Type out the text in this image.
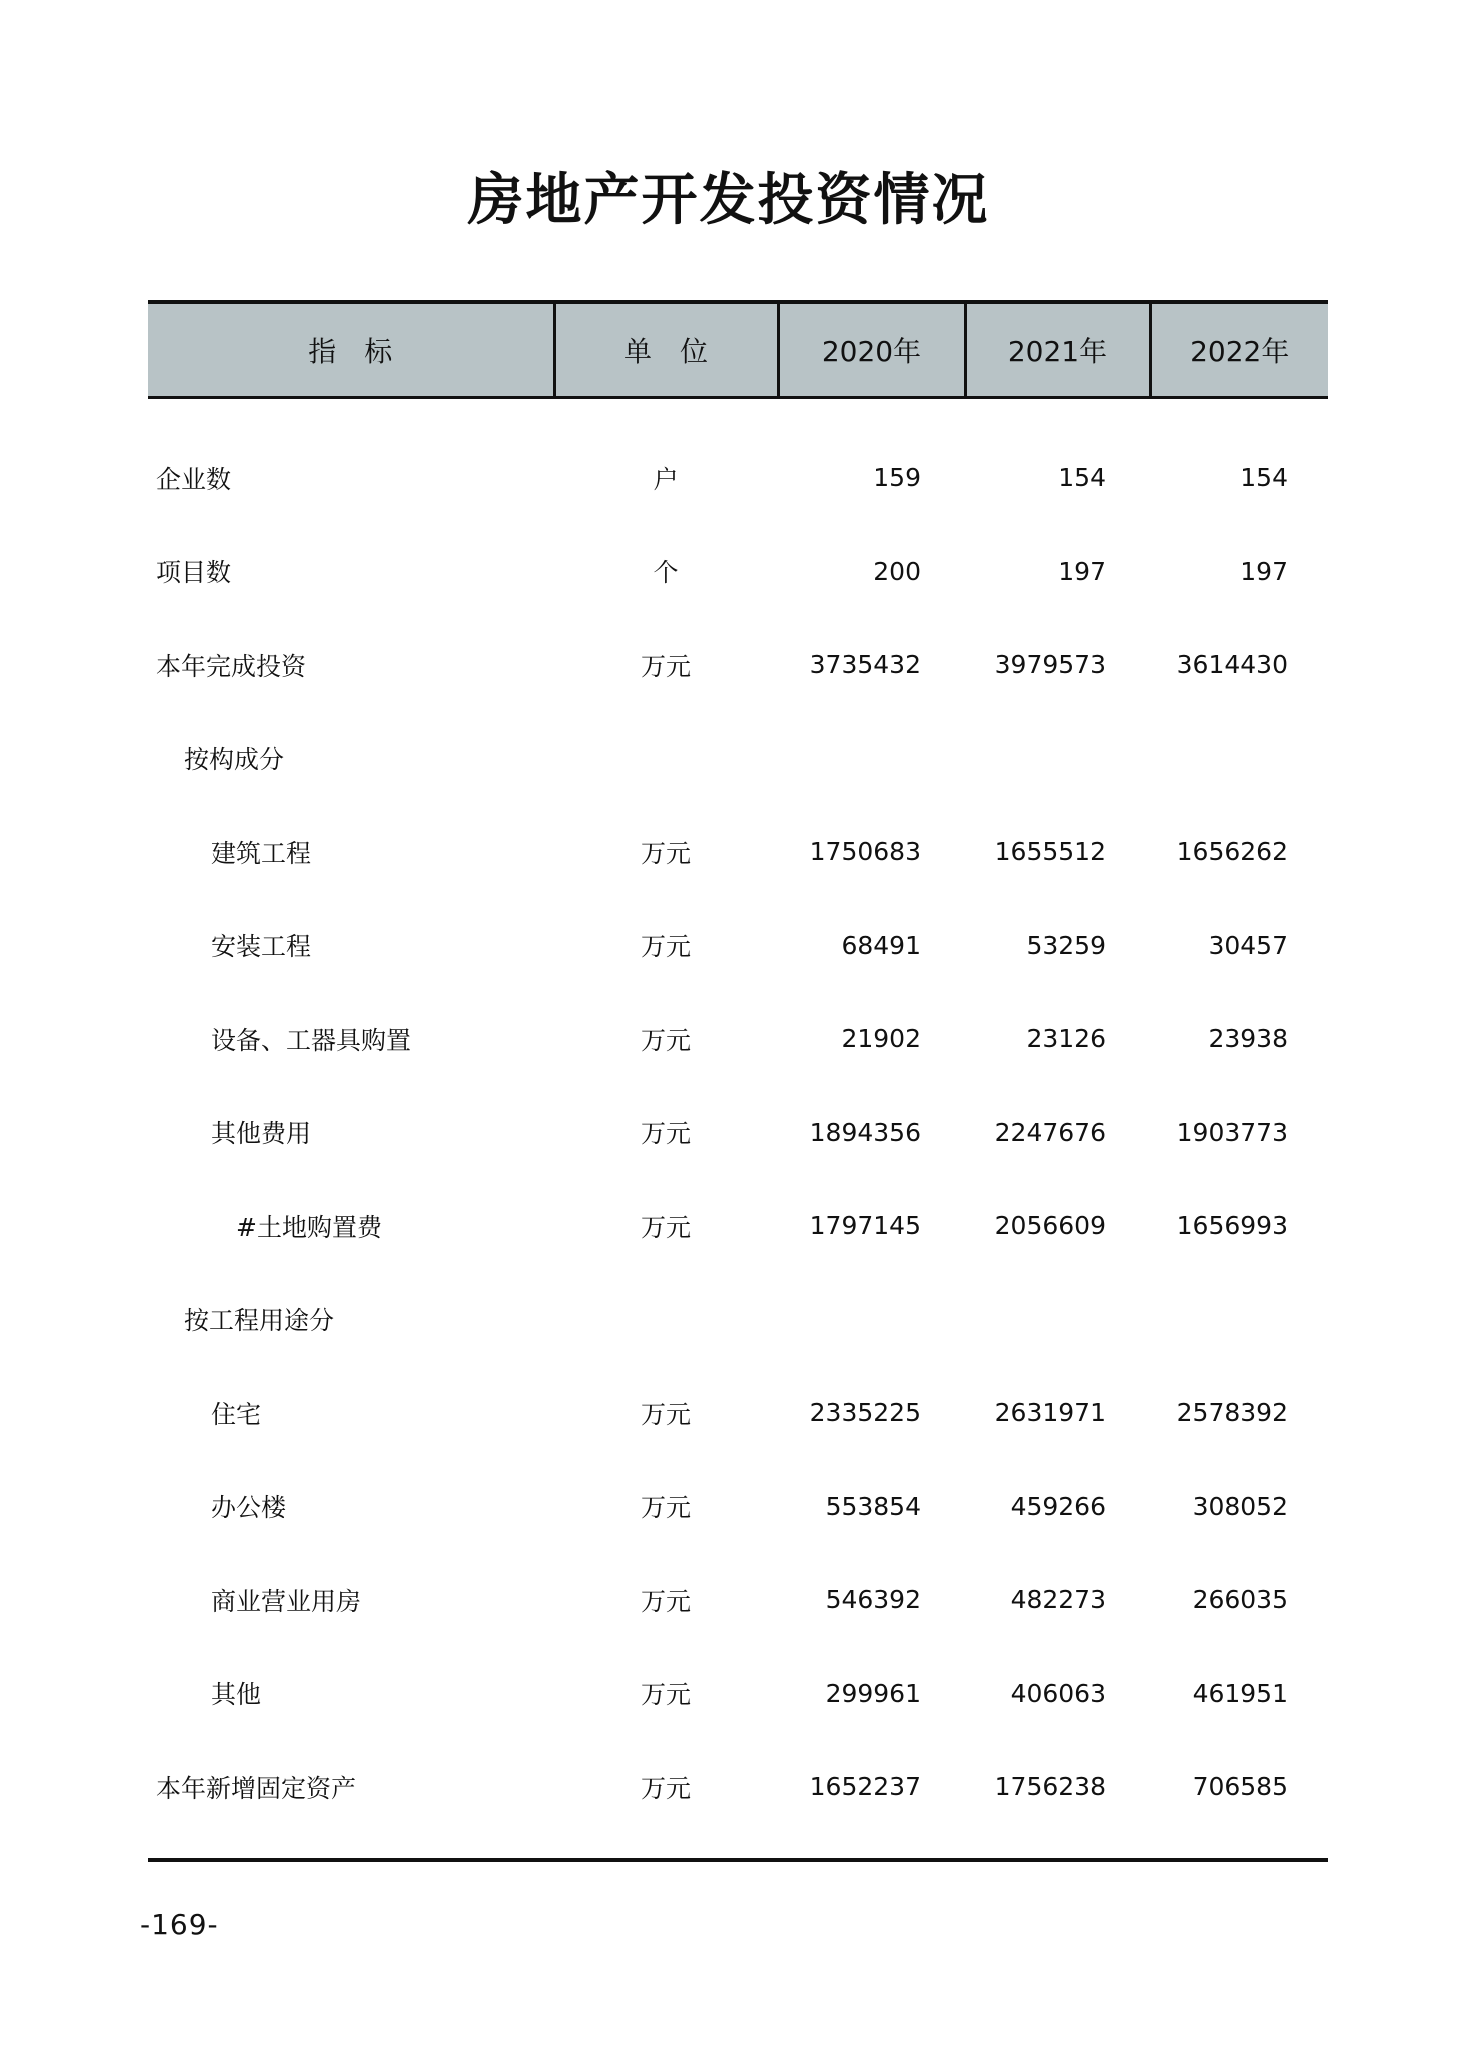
房地产开发投资情况
指　标	单　位	2020年	2021年	2022年

企业数	户	159	154	154
项目数	个	200	197	197
本年完成投资	万元	3735432	3979573	3614430
按构成分				
建筑工程	万元	1750683	1655512	1656262
安装工程	万元	68491	53259	30457
设备、工器具购置	万元	21902	23126	23938
其他费用	万元	1894356	2247676	1903773
#土地购置费	万元	1797145	2056609	1656993
按工程用途分				
住宅	万元	2335225	2631971	2578392
办公楼	万元	553854	459266	308052
商业营业用房	万元	546392	482273	266035
其他	万元	299961	406063	461951
本年新增固定资产	万元	1652237	1756238	706585
-169-
